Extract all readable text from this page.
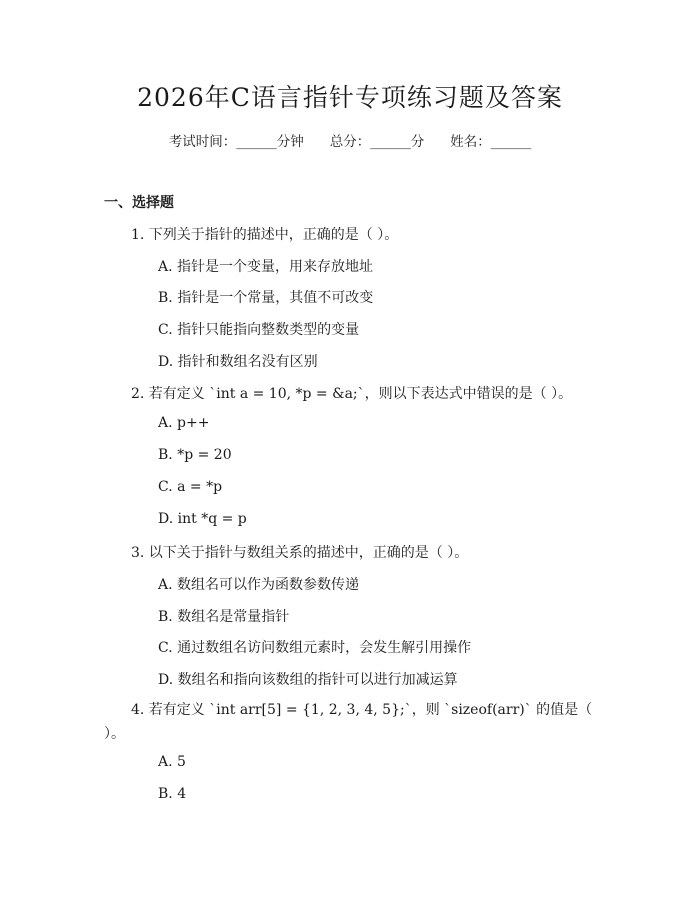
2026年C语言指针专项练习题及答案
考试时间：______分钟 总分：______分 姓名：______
一、选择题
1. 下列关于指针的描述中，正确的是（ ）。
A. 指针是一个变量，用来存放地址
B. 指针是一个常量，其值不可改变
C. 指针只能指向整数类型的变量
D. 指针和数组名没有区别
2. 若有定义 `int a = 10, *p = &a;`，则以下表达式中错误的是（ ）。
A. p++
B. *p = 20
C. a = *p
D. int *q = p
3. 以下关于指针与数组关系的描述中，正确的是（ ）。
A. 数组名可以作为函数参数传递
B. 数组名是常量指针
C. 通过数组名访问数组元素时，会发生解引用操作
D. 数组名和指向该数组的指针可以进行加减运算
4. 若有定义 `int arr[5] = {1, 2, 3, 4, 5};`，则 `sizeof(arr)` 的值是（ ）。
A. 5
B. 4
